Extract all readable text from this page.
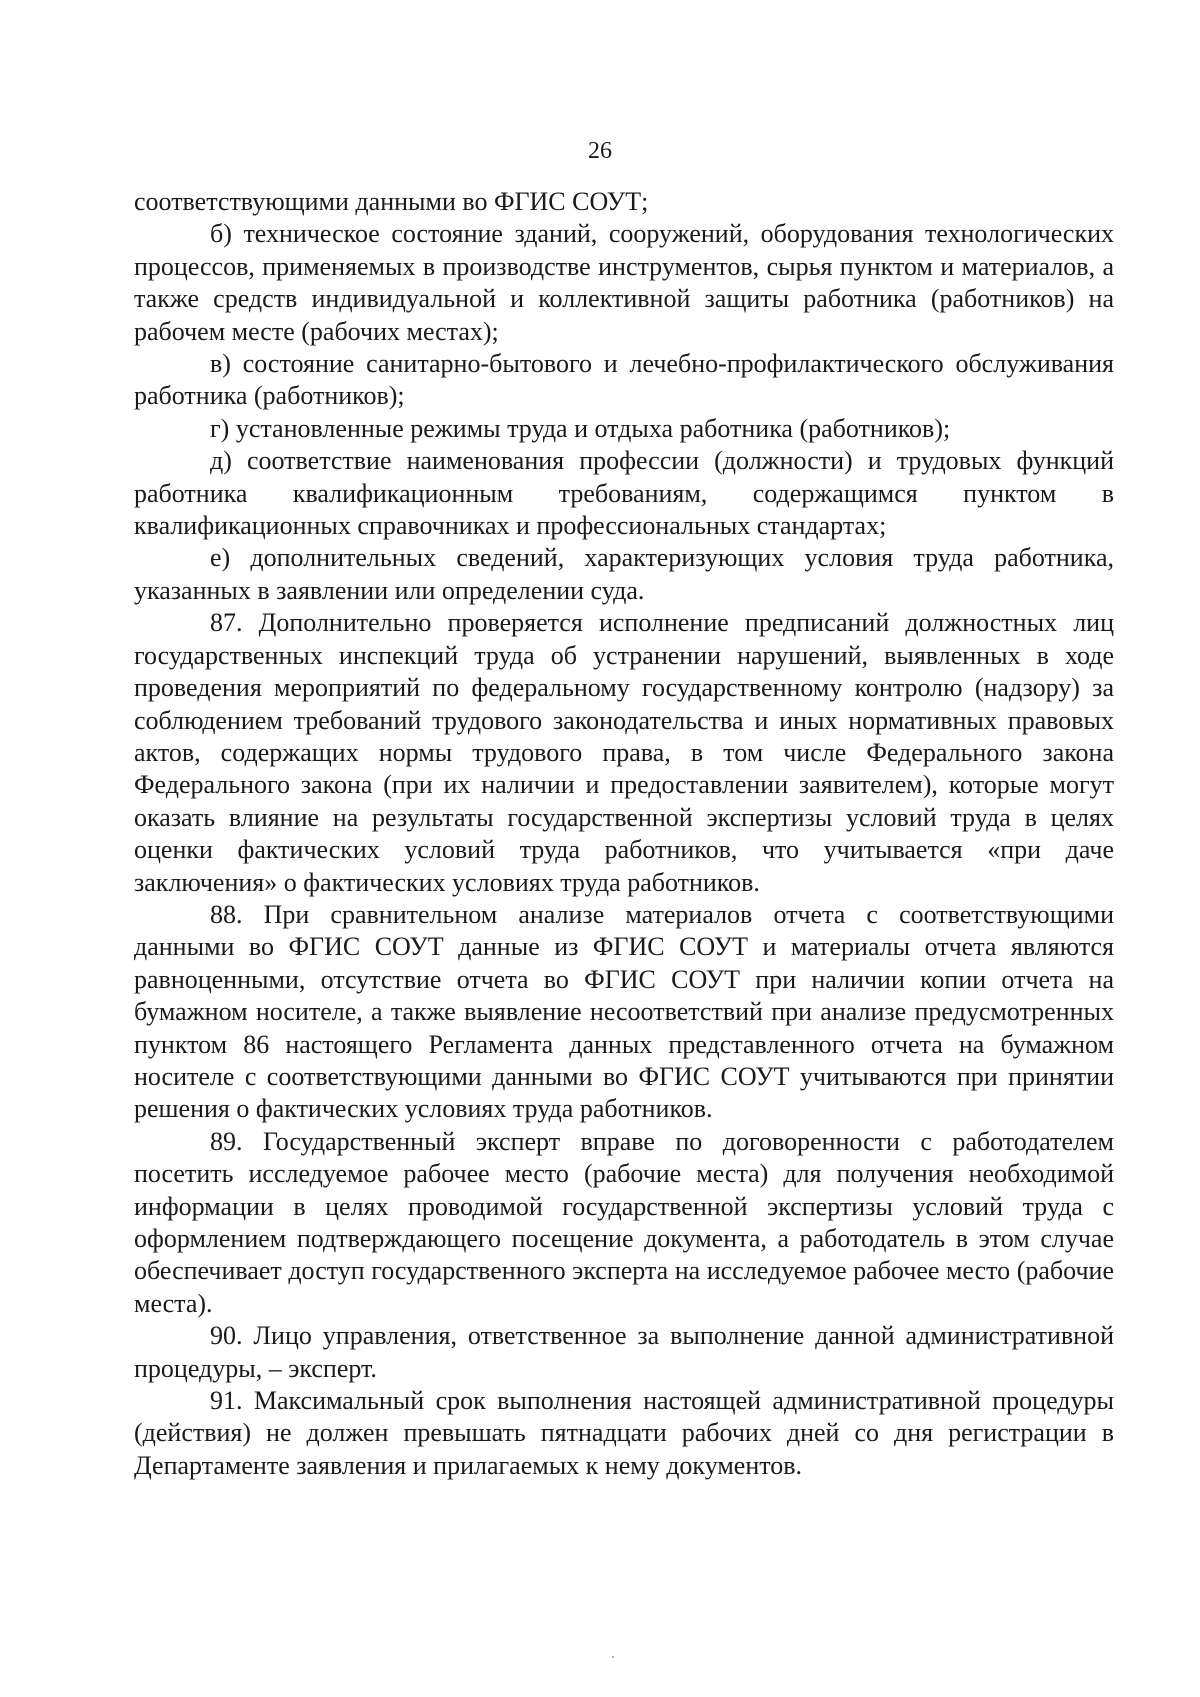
26

соответствующими данными во ФГИС СОУТ;

б) техническое состояние зданий, сооружений, оборудования технологических процессов, применяемых в производстве инструментов, сырья пунктом и материалов, а также средств индивидуальной и коллективной защиты работника (работников) на рабочем месте (рабочих местах);

в) состояние санитарно-бытового и лечебно-профилактического обслуживания работника (работников);

г) установленные режимы труда и отдыха работника (работников);

д) соответствие наименования профессии (должности) и трудовых функций работника квалификационным требованиям, содержащимся пунктом в квалификационных справочниках и профессиональных стандартах;

е) дополнительных сведений, характеризующих условия труда работника, указанных в заявлении или определении суда.

87. Дополнительно проверяется исполнение предписаний должностных лиц государственных инспекций труда об устранении нарушений, выявленных в ходе проведения мероприятий по федеральному государственному контролю (надзору) за соблюдением требований трудового законодательства и иных нормативных правовых актов, содержащих нормы трудового права, в том числе Федерального закона Федерального закона (при их наличии и предоставлении заявителем), которые могут оказать влияние на результаты государственной экспертизы условий труда в целях оценки фактических условий труда работников, что учитывается «при даче заключения» о фактических условиях труда работников.

88. При сравнительном анализе материалов отчета с соответствующими данными во ФГИС СОУТ данные из ФГИС СОУТ и материалы отчета являются равноценными, отсутствие отчета во ФГИС СОУТ при наличии копии отчета на бумажном носителе, а также выявление несоответствий при анализе предусмотренных пунктом 86 настоящего Регламента данных представленного отчета на бумажном носителе с соответствующими данными во ФГИС СОУТ учитываются при принятии решения о фактических условиях труда работников.

89. Государственный эксперт вправе по договоренности с работодателем посетить исследуемое рабочее место (рабочие места) для получения необходимой информации в целях проводимой государственной экспертизы условий труда с оформлением подтверждающего посещение документа, а работодатель в этом случае обеспечивает доступ государственного эксперта на исследуемое рабочее место (рабочие места).

90. Лицо управления, ответственное за выполнение данной административной процедуры, – эксперт.

91. Максимальный срок выполнения настоящей административной процедуры (действия) не должен превышать пятнадцати рабочих дней со дня регистрации в Департаменте заявления и прилагаемых к нему документов.
